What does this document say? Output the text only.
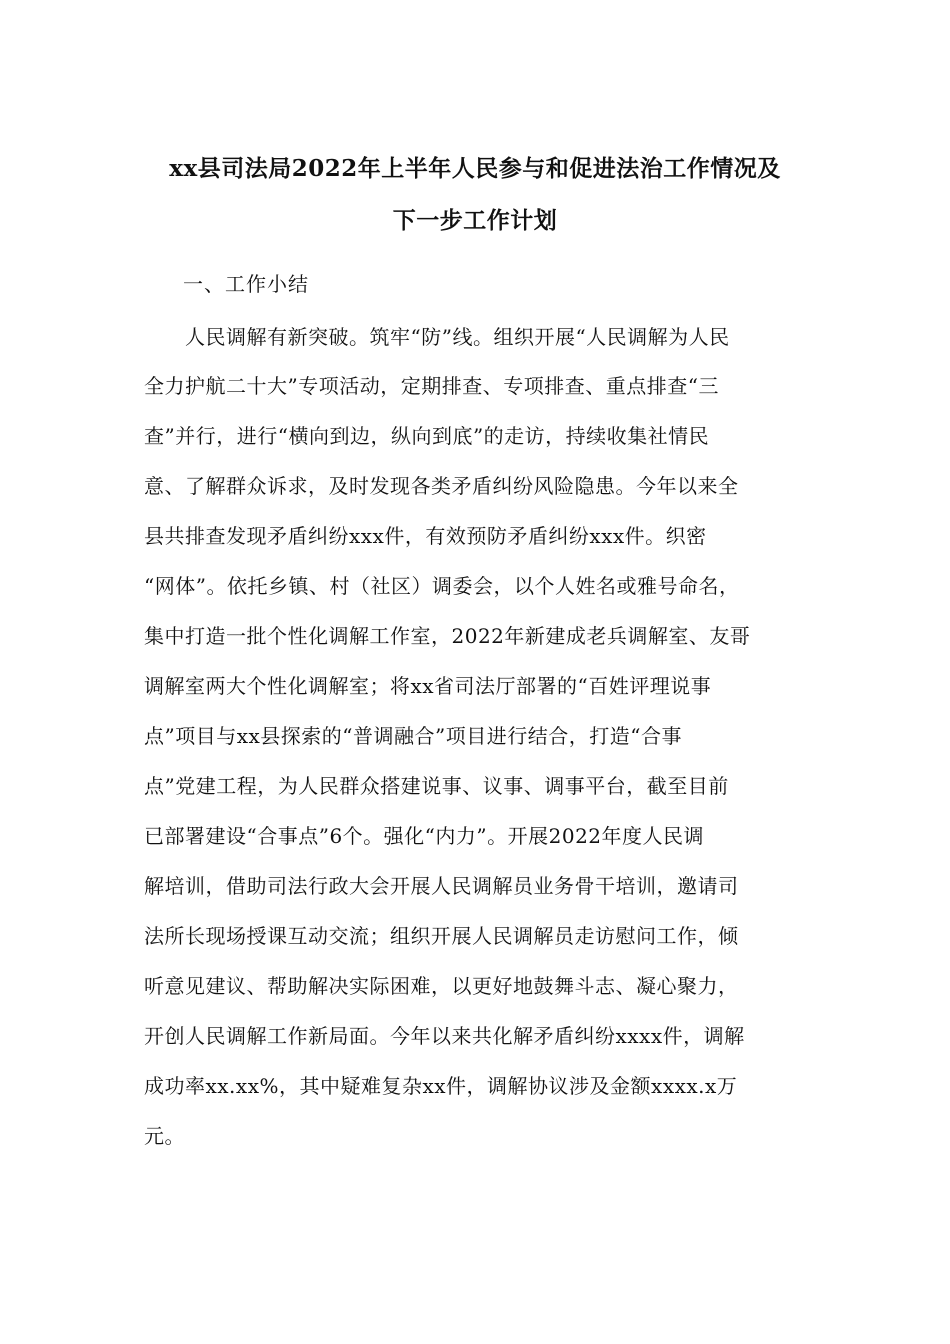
xx县司法局2022年上半年人民参与和促进法治工作情况及
下一步工作计划
一、工作小结
　　人民调解有新突破。筑牢“防”线。组织开展“人民调解为人民
全力护航二十大”专项活动，定期排查、专项排查、重点排查“三
查”并行，进行“横向到边，纵向到底”的走访，持续收集社情民
意、了解群众诉求，及时发现各类矛盾纠纷风险隐患。今年以来全
县共排查发现矛盾纠纷xxx件，有效预防矛盾纠纷xxx件。织密
“网体”。依托乡镇、村（社区）调委会，以个人姓名或雅号命名，
集中打造一批个性化调解工作室，2022年新建成老兵调解室、友哥
调解室两大个性化调解室；将xx省司法厅部署的“百姓评理说事
点”项目与xx县探索的“普调融合”项目进行结合，打造“合事
点”党建工程，为人民群众搭建说事、议事、调事平台，截至目前
已部署建设“合事点”6个。强化“内力”。开展2022年度人民调
解培训，借助司法行政大会开展人民调解员业务骨干培训，邀请司
法所长现场授课互动交流；组织开展人民调解员走访慰问工作，倾
听意见建议、帮助解决实际困难，以更好地鼓舞斗志、凝心聚力，
开创人民调解工作新局面。今年以来共化解矛盾纠纷xxxx件，调解
成功率xx.xx%，其中疑难复杂xx件，调解协议涉及金额xxxx.x万
元。
